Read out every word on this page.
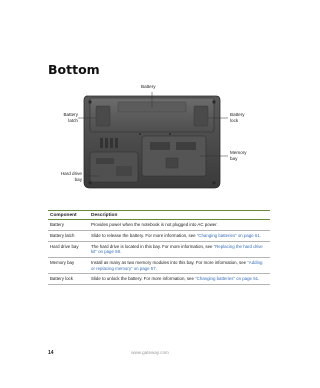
Bottom
Battery
Battery
latch
Battery
lock
Memory
bay
Hard drive
bay
Component	Description
Battery	Provides power when the notebook is not plugged into AC power.
Battery latch	Slide to release the battery. For more information, see “Changing batteries” on page 51.
Hard drive bay	The hard drive is located in this bay. For more information, see “Replacing the hard drive kit” on page 59.
Memory bay	Install as many as two memory modules into this bay. For more information, see “Adding or replacing memory” on page 57.
Battery lock	Slide to unlock the battery. For more information, see “Changing batteries” on page 51.
14	www.gateway.com
